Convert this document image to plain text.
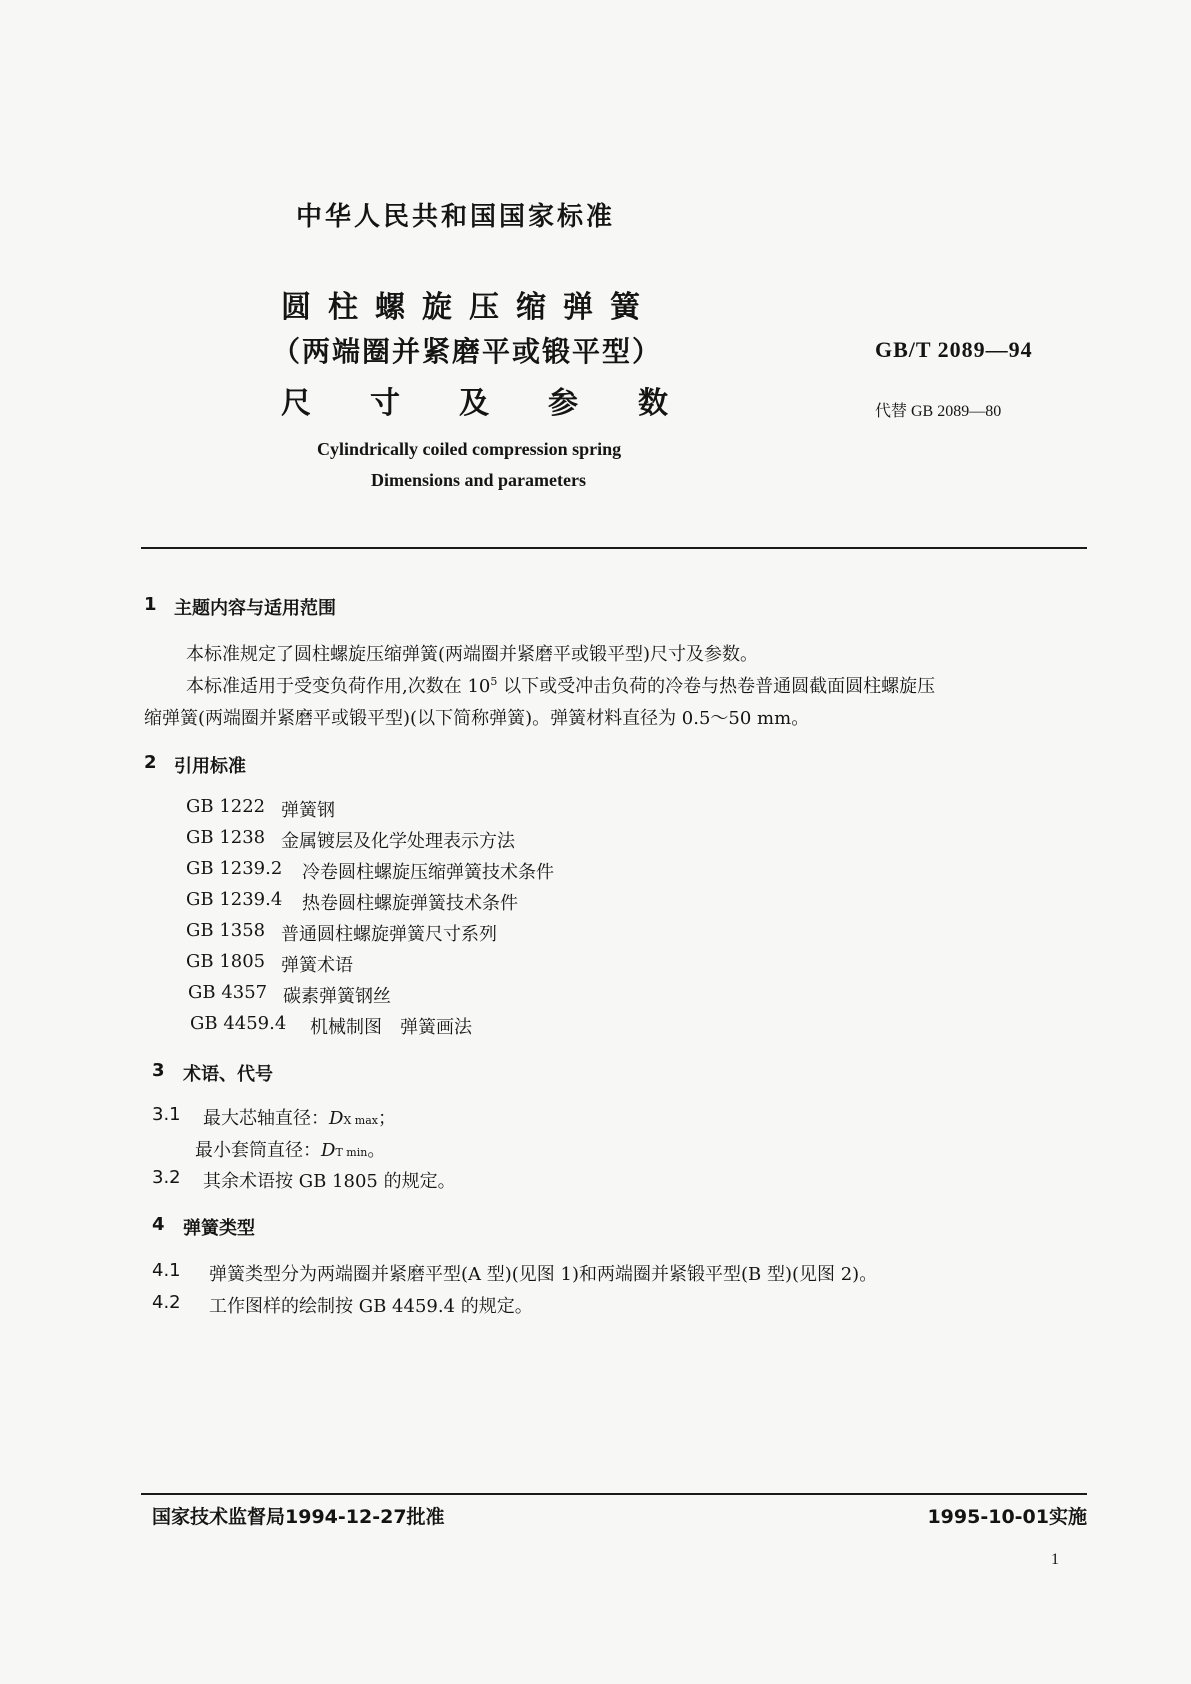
中华人民共和国国家标准
圆柱螺旋压缩弹簧
（两端圈并紧磨平或锻平型）
尺 寸 及 参 数
GB/T 2089—94
代替 GB 2089—80
Cylindrically coiled compression spring
Dimensions and parameters
1 主题内容与适用范围
本标准规定了圆柱螺旋压缩弹簧(两端圈并紧磨平或锻平型)尺寸及参数。
本标准适用于受变负荷作用,次数在 $10^5$ 以下或受冲击负荷的冷卷与热卷普通圆截面圆柱螺旋压
缩弹簧(两端圈并紧磨平或锻平型)(以下简称弹簧)。弹簧材料直径为 0.5～50 mm。
2 引用标准
GB 1222 弹簧钢
GB 1238 金属镀层及化学处理表示方法
GB 1239.2 冷卷圆柱螺旋压缩弹簧技术条件
GB 1239.4 热卷圆柱螺旋弹簧技术条件
GB 1358 普通圆柱螺旋弹簧尺寸系列
GB 1805 弹簧术语
GB 4357 碳素弹簧钢丝
GB 4459.4 机械制图　弹簧画法
3 术语、代号
3.1 最大芯轴直径：DX max；
最小套筒直径：DT min。
3.2 其余术语按 GB 1805 的规定。
4 弹簧类型
4.1 弹簧类型分为两端圈并紧磨平型(A 型)(见图 1)和两端圈并紧锻平型(B 型)(见图 2)。
4.2 工作图样的绘制按 GB 4459.4 的规定。
国家技术监督局1994-12-27批准	1995-10-01实施
1
